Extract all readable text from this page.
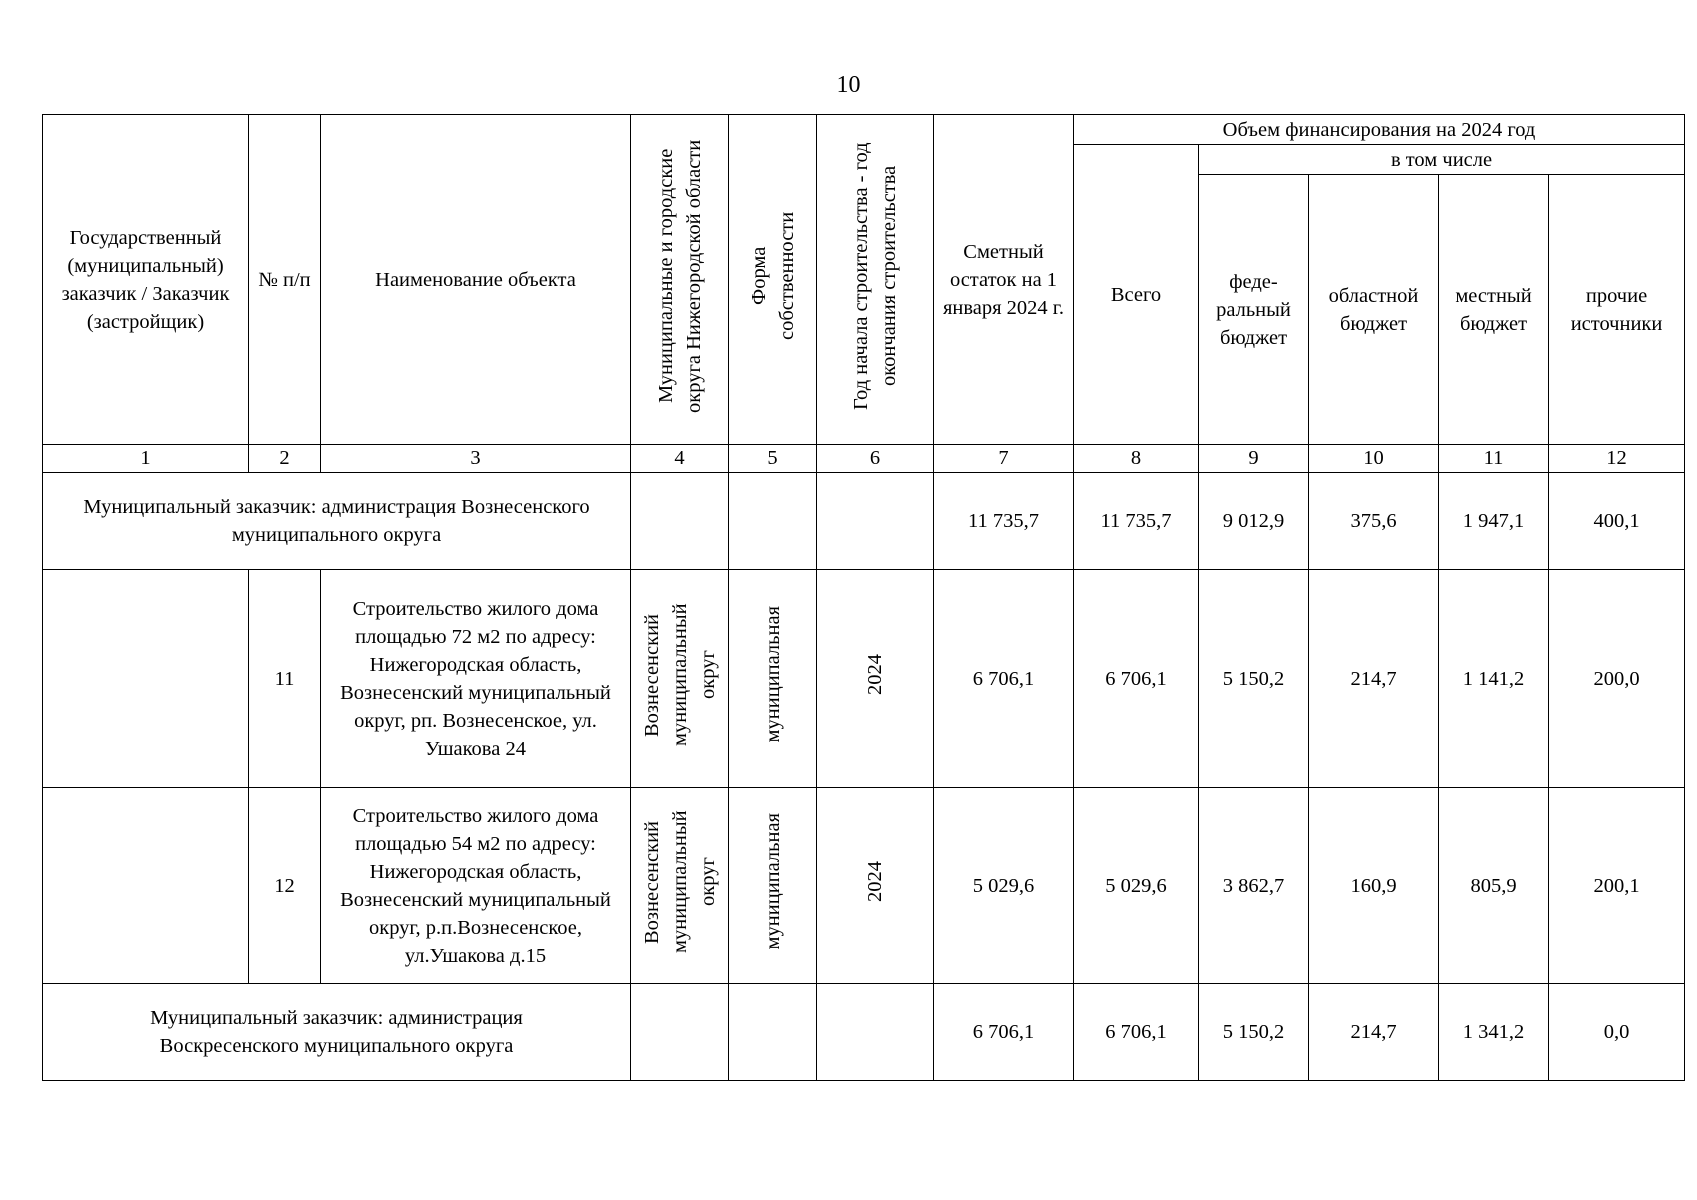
10
Государственный (муниципальный) заказчик / Заказчик (застройщик)	№ п/п	Наименование объекта	Муниципальные и городские округа Нижегородской области	Форма собственности	Год начала строительства - год окончания строительства	Сметный остаток на 1 января 2024 г.	Объем финансирования на 2024 год				
							Всего	в том числе			
								феде-ральный бюджет	областной бюджет	местный бюджет	прочие источники
1	2	3	4	5	6	7	8	9	10	11	12
Муниципальный заказчик: администрация Вознесенского муниципального округа						11 735,7	11 735,7	9 012,9	375,6	1 947,1	400,1
	11	Строительство жилого дома площадью 72 м2 по адресу: Нижегородская область, Вознесенский муниципальный округ, рп. Вознесенское, ул. Ушакова 24	Вознесенский муниципальный округ	муниципальная	2024	6 706,1	6 706,1	5 150,2	214,7	1 141,2	200,0
	12	Строительство жилого дома площадью 54 м2 по адресу: Нижегородская область, Вознесенский муниципальный округ, р.п.Вознесенское, ул.Ушакова д.15	Вознесенский муниципальный округ	муниципальная	2024	5 029,6	5 029,6	3 862,7	160,9	805,9	200,1
Муниципальный заказчик: администрация Воскресенского муниципального округа						6 706,1	6 706,1	5 150,2	214,7	1 341,2	0,0
